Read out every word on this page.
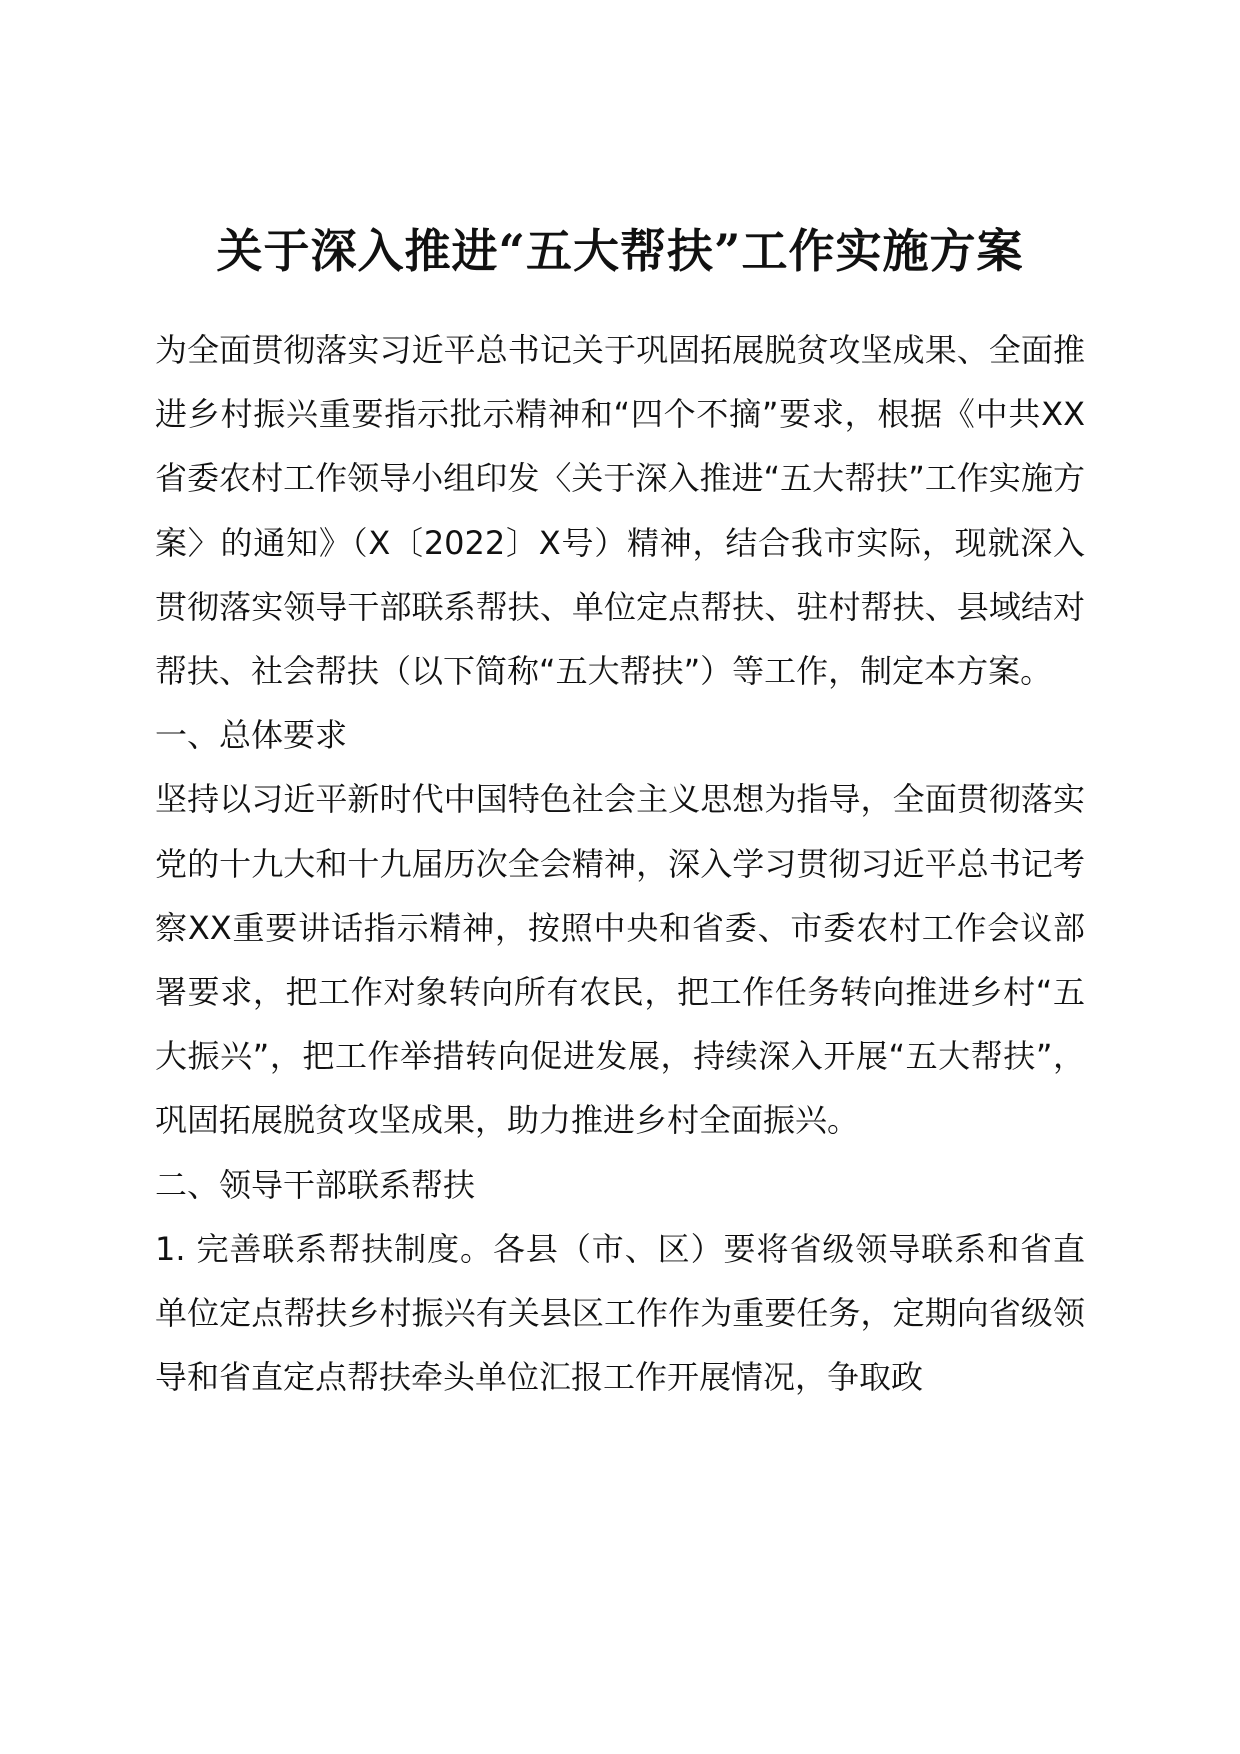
关于深入推进“五大帮扶”工作实施方案

为全面贯彻落实习近平总书记关于巩固拓展脱贫攻坚成果、全面推进乡村振兴重要指示批示精神和“四个不摘”要求，根据《中共XX省委农村工作领导小组印发〈关于深入推进“五大帮扶”工作实施方案〉的通知》（X〔2022〕X号）精神，结合我市实际，现就深入贯彻落实领导干部联系帮扶、单位定点帮扶、驻村帮扶、县域结对帮扶、社会帮扶（以下简称“五大帮扶”）等工作，制定本方案。

一、总体要求

坚持以习近平新时代中国特色社会主义思想为指导，全面贯彻落实党的十九大和十九届历次全会精神，深入学习贯彻习近平总书记考察XX重要讲话指示精神，按照中央和省委、市委农村工作会议部署要求，把工作对象转向所有农民，把工作任务转向推进乡村“五大振兴”，把工作举措转向促进发展，持续深入开展“五大帮扶”，巩固拓展脱贫攻坚成果，助力推进乡村全面振兴。

二、领导干部联系帮扶

1. 完善联系帮扶制度。各县（市、区）要将省级领导联系和省直单位定点帮扶乡村振兴有关县区工作作为重要任务，定期向省级领导和省直定点帮扶牵头单位汇报工作开展情况，争取政
